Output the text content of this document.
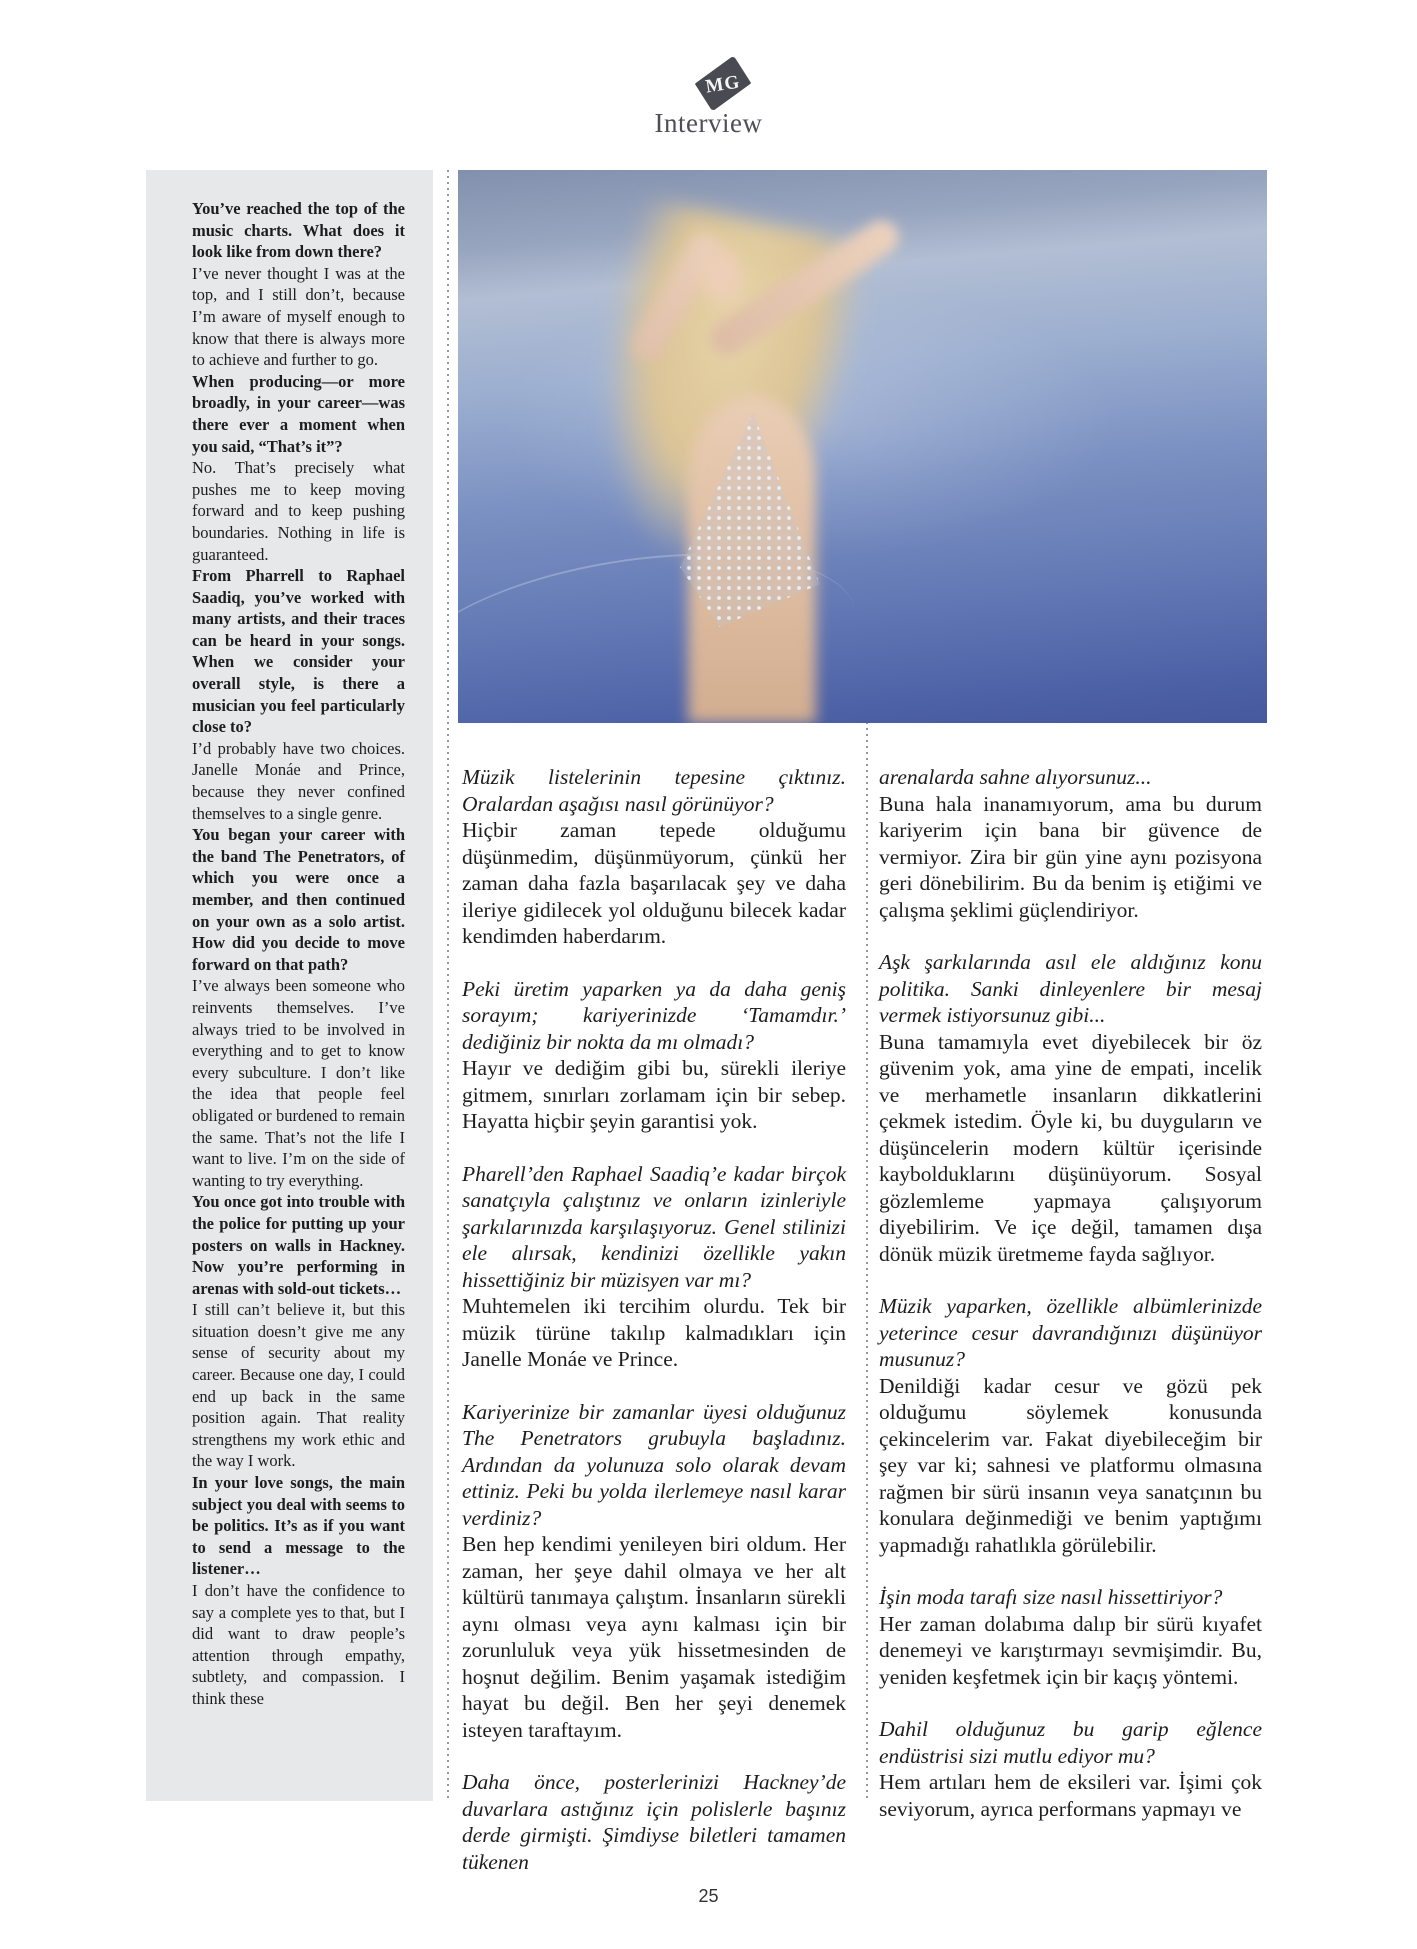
MG
Interview

You’ve reached the top of the music charts. What does it look like from down there?

I’ve never thought I was at the top, and I still don’t, because I’m aware of myself enough to know that there is always more to achieve and further to go.

When producing—or more broadly, in your career—was there ever a moment when you said, “That’s it”?

No. That’s precisely what pushes me to keep moving forward and to keep pushing boundaries. Nothing in life is guaranteed.

From Pharrell to Raphael Saadiq, you’ve worked with many artists, and their traces can be heard in your songs. When we consider your overall style, is there a musician you feel particularly close to?

I’d probably have two choices. Janelle Monáe and Prince, because they never confined themselves to a single genre.

You began your career with the band The Penetrators, of which you were once a member, and then continued on your own as a solo artist. How did you decide to move forward on that path?

I’ve always been someone who reinvents themselves. I’ve always tried to be involved in everything and to get to know every subculture. I don’t like the idea that people feel obligated or burdened to remain the same. That’s not the life I want to live. I’m on the side of wanting to try everything.

You once got into trouble with the police for putting up your posters on walls in Hackney. Now you’re performing in arenas with sold-out tickets…

I still can’t believe it, but this situation doesn’t give me any sense of security about my career. Because one day, I could end up back in the same position again. That reality strengthens my work ethic and the way I work.

In your love songs, the main subject you deal with seems to be politics. It’s as if you want to send a message to the listener…

I don’t have the confidence to say a complete yes to that, but I did want to draw people’s attention through empathy, subtlety, and compassion. I think these

Müzik listelerinin tepesine çıktınız. Oralardan aşağısı nasıl görünüyor?

Hiçbir zaman tepede olduğumu düşünmedim, düşünmüyorum, çünkü her zaman daha fazla başarılacak şey ve daha ileriye gidilecek yol olduğunu bilecek kadar kendimden haberdarım.

Peki üretim yaparken ya da daha geniş sorayım; kariyerinizde ‘Tamamdır.’ dediğiniz bir nokta da mı olmadı?

Hayır ve dediğim gibi bu, sürekli ileriye gitmem, sınırları zorlamam için bir sebep. Hayatta hiçbir şeyin garantisi yok.

Pharell’den Raphael Saadiq’e kadar birçok sanatçıyla çalıştınız ve onların izinleriyle şarkılarınızda karşılaşıyoruz. Genel stilinizi ele alırsak, kendinizi özellikle yakın hissettiğiniz bir müzisyen var mı?

Muhtemelen iki tercihim olurdu. Tek bir müzik türüne takılıp kalmadıkları için Janelle Monáe ve Prince.

Kariyerinize bir zamanlar üyesi olduğunuz The Penetrators grubuyla başladınız. Ardından da yolunuza solo olarak devam ettiniz. Peki bu yolda ilerlemeye nasıl karar verdiniz?

Ben hep kendimi yenileyen biri oldum. Her zaman, her şeye dahil olmaya ve her alt kültürü tanımaya çalıştım. İnsanların sürekli aynı olması veya aynı kalması için bir zorunluluk veya yük hissetmesinden de hoşnut değilim. Benim yaşamak istediğim hayat bu değil. Ben her şeyi denemek isteyen taraftayım.

Daha önce, posterlerinizi Hackney’de duvarlara astığınız için polislerle başınız derde girmişti. Şimdiyse biletleri tamamen tükenen

arenalarda sahne alıyorsunuz...

Buna hala inanamıyorum, ama bu durum kariyerim için bana bir güvence de vermiyor. Zira bir gün yine aynı pozisyona geri dönebilirim. Bu da benim iş etiğimi ve çalışma şeklimi güçlendiriyor.

Aşk şarkılarında asıl ele aldığınız konu politika. Sanki dinleyenlere bir mesaj vermek istiyorsunuz gibi...

Buna tamamıyla evet diyebilecek bir öz güvenim yok, ama yine de empati, incelik ve merhametle insanların dikkatlerini çekmek istedim. Öyle ki, bu duyguların ve düşüncelerin modern kültür içerisinde kaybolduklarını düşünüyorum. Sosyal gözlemleme yapmaya çalışıyorum diyebilirim. Ve içe değil, tamamen dışa dönük müzik üretmeme fayda sağlıyor.

Müzik yaparken, özellikle albümlerinizde yeterince cesur davrandığınızı düşünüyor musunuz?

Denildiği kadar cesur ve gözü pek olduğumu söylemek konusunda çekincelerim var. Fakat diyebileceğim bir şey var ki; sahnesi ve platformu olmasına rağmen bir sürü insanın veya sanatçının bu konulara değinmediği ve benim yaptığımı yapmadığı rahatlıkla görülebilir.

İşin moda tarafı size nasıl hissettiriyor?

Her zaman dolabıma dalıp bir sürü kıyafet denemeyi ve karıştırmayı sevmişimdir. Bu, yeniden keşfetmek için bir kaçış yöntemi.

Dahil olduğunuz bu garip eğlence endüstrisi sizi mutlu ediyor mu?

Hem artıları hem de eksileri var. İşimi çok seviyorum, ayrıca performans yapmayı ve

25
